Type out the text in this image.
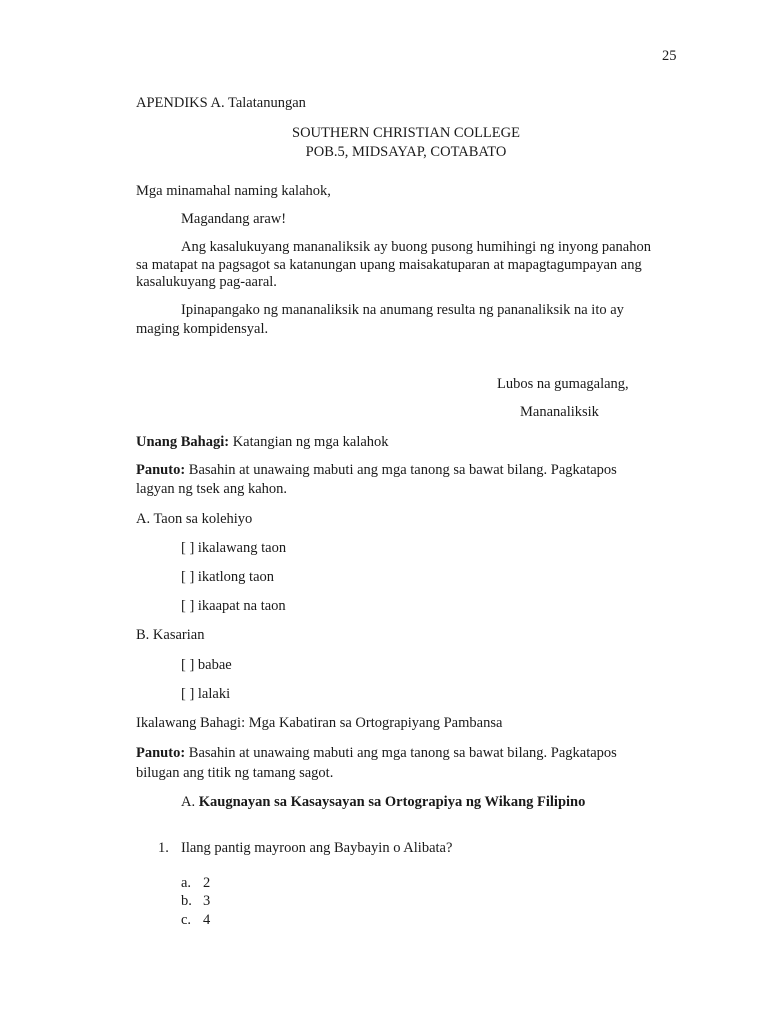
25
APENDIKS A. Talatanungan
SOUTHERN CHRISTIAN COLLEGE
POB.5, MIDSAYAP, COTABATO
Mga minamahal naming kalahok,
Magandang araw!
Ang kasalukuyang mananaliksik ay buong pusong humihingi ng inyong panahon
sa matapat na pagsagot sa katanungan upang maisakatuparan at mapagtagumpayan ang
kasalukuyang pag-aaral.
Ipinapangako ng mananaliksik na anumang resulta ng pananaliksik na ito ay
maging kompidensyal.
Lubos na gumagalang,
Mananaliksik
Unang Bahagi: Katangian ng mga kalahok
Panuto: Basahin at unawaing mabuti ang mga tanong sa bawat bilang. Pagkatapos
lagyan ng tsek ang kahon.
A. Taon sa kolehiyo
[ ] ikalawang taon
[ ] ikatlong taon
[ ] ikaapat na taon
B. Kasarian
[ ] babae
[ ] lalaki
Ikalawang Bahagi: Mga Kabatiran sa Ortograpiyang Pambansa
Panuto: Basahin at unawaing mabuti ang mga tanong sa bawat bilang. Pagkatapos
bilugan ang titik ng tamang sagot.
A. Kaugnayan sa Kasaysayan sa Ortograpiya ng Wikang Filipino
1. Ilang pantig mayroon ang Baybayin o Alibata?
a. 2
b. 3
c. 4
